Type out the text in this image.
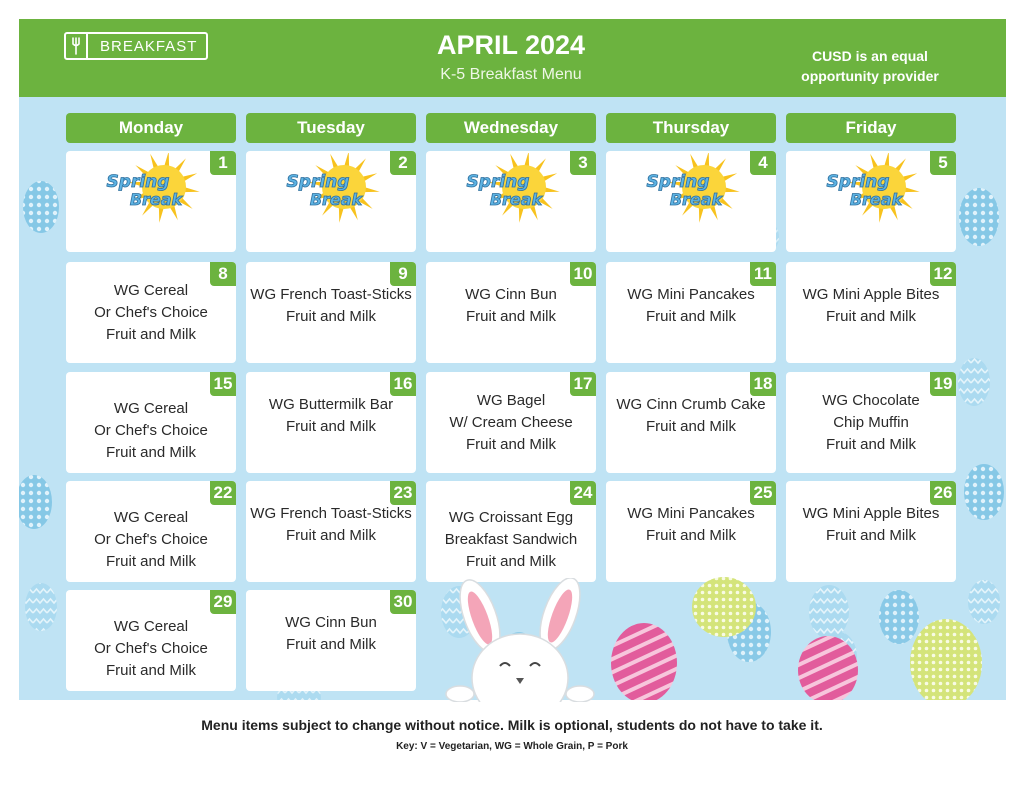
BREAKFAST	APRIL 2024
K-5 Breakfast Menu
CUSD is an equal opportunity provider
Monday	Tuesday	Wednesday	Thursday	Friday
1
Spring
Break
2
Spring
Break
3
Spring
Break
4
Spring
Break
5
Spring
Break
8
WG Cereal
Or Chef's Choice
Fruit and Milk
9
WG French Toast-Sticks
Fruit and Milk
10
WG Cinn Bun
Fruit and Milk
11
WG Mini Pancakes
Fruit and Milk
12
WG Mini Apple Bites
Fruit and Milk
15
WG Cereal
Or Chef's Choice
Fruit and Milk
16
WG Buttermilk Bar
Fruit and Milk
17
WG Bagel
W/ Cream Cheese
Fruit and Milk
18
WG Cinn Crumb Cake
Fruit and Milk
19
WG Chocolate
Chip Muffin
Fruit and Milk
22
WG Cereal
Or Chef's Choice
Fruit and Milk
23
WG French Toast-Sticks
Fruit and Milk
24
WG Croissant Egg
Breakfast Sandwich
Fruit and Milk
25
WG Mini Pancakes
Fruit and Milk
26
WG Mini Apple Bites
Fruit and Milk
29
WG Cereal
Or Chef's Choice
Fruit and Milk
30
WG Cinn Bun
Fruit and Milk
Menu items subject to change without notice. Milk is optional, students do not have to take it.
Key: V = Vegetarian, WG = Whole Grain, P = Pork
